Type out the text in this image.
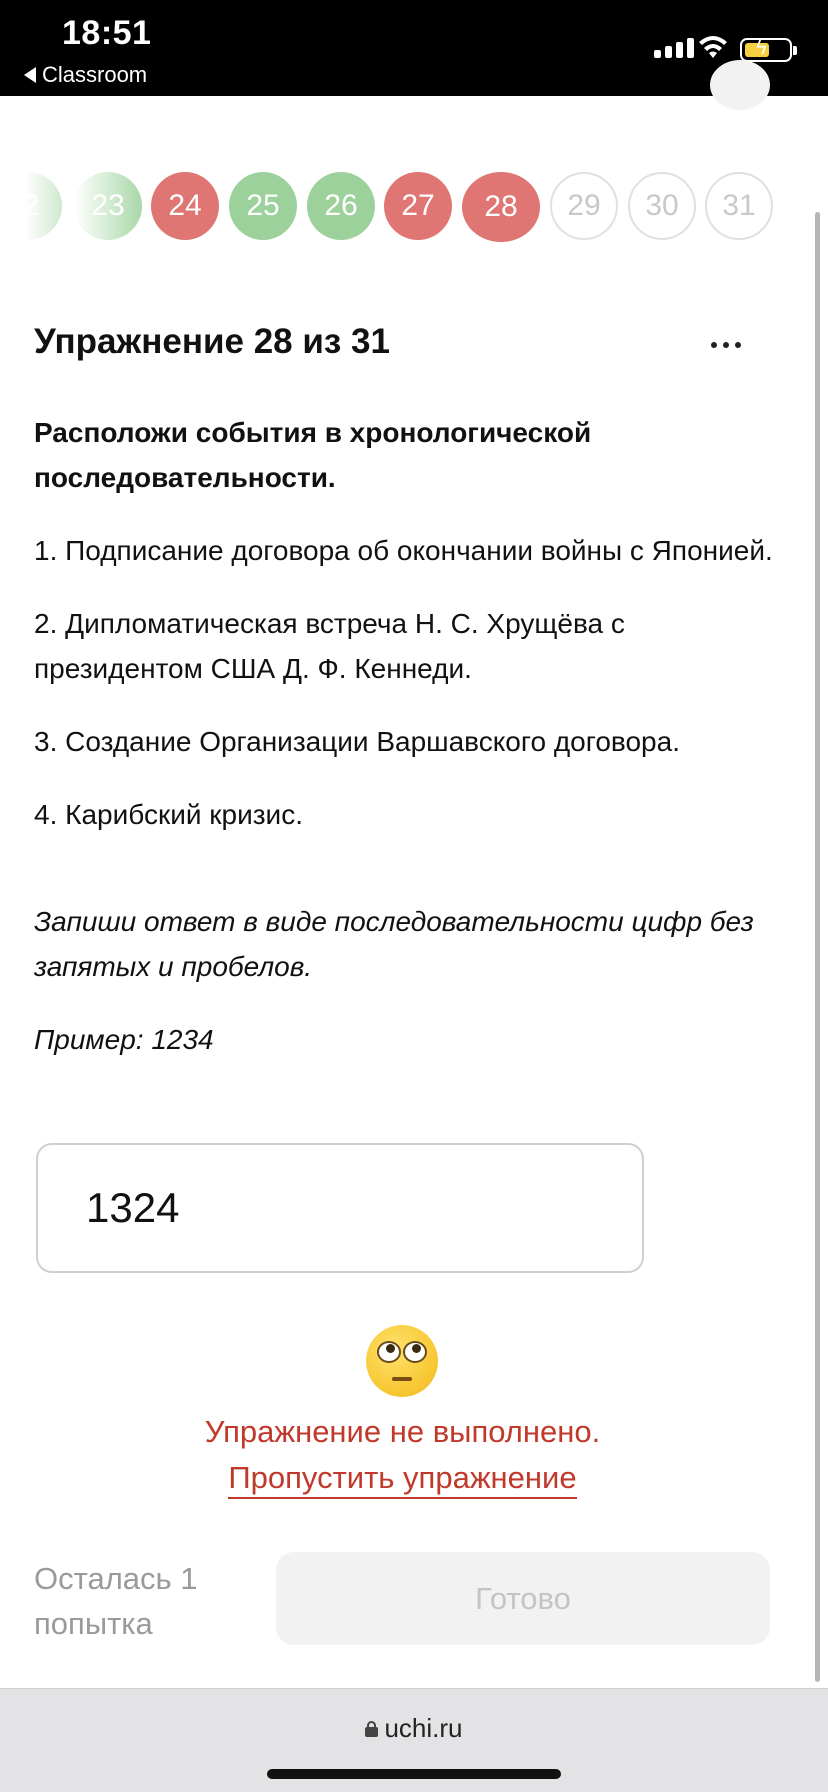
18:51
Classroom
ϟ
2 23 24 25 26 27 28 29 30 31
Упражнение 28 из 31
Расположи события в хронологической последовательности.
1. Подписание договора об окончании войны с Японией.
2. Дипломатическая встреча Н. С. Хрущёва с президентом США Д. Ф. Кеннеди.
3. Создание Организации Варшавского договора.
4. Карибский кризис.
Запиши ответ в виде последовательности цифр без запятых и пробелов.
Пример: 1234
1324
Упражнение не выполнено.
Пропустить упражнение
Осталась 1 попытка
Готово
uchi.ru
